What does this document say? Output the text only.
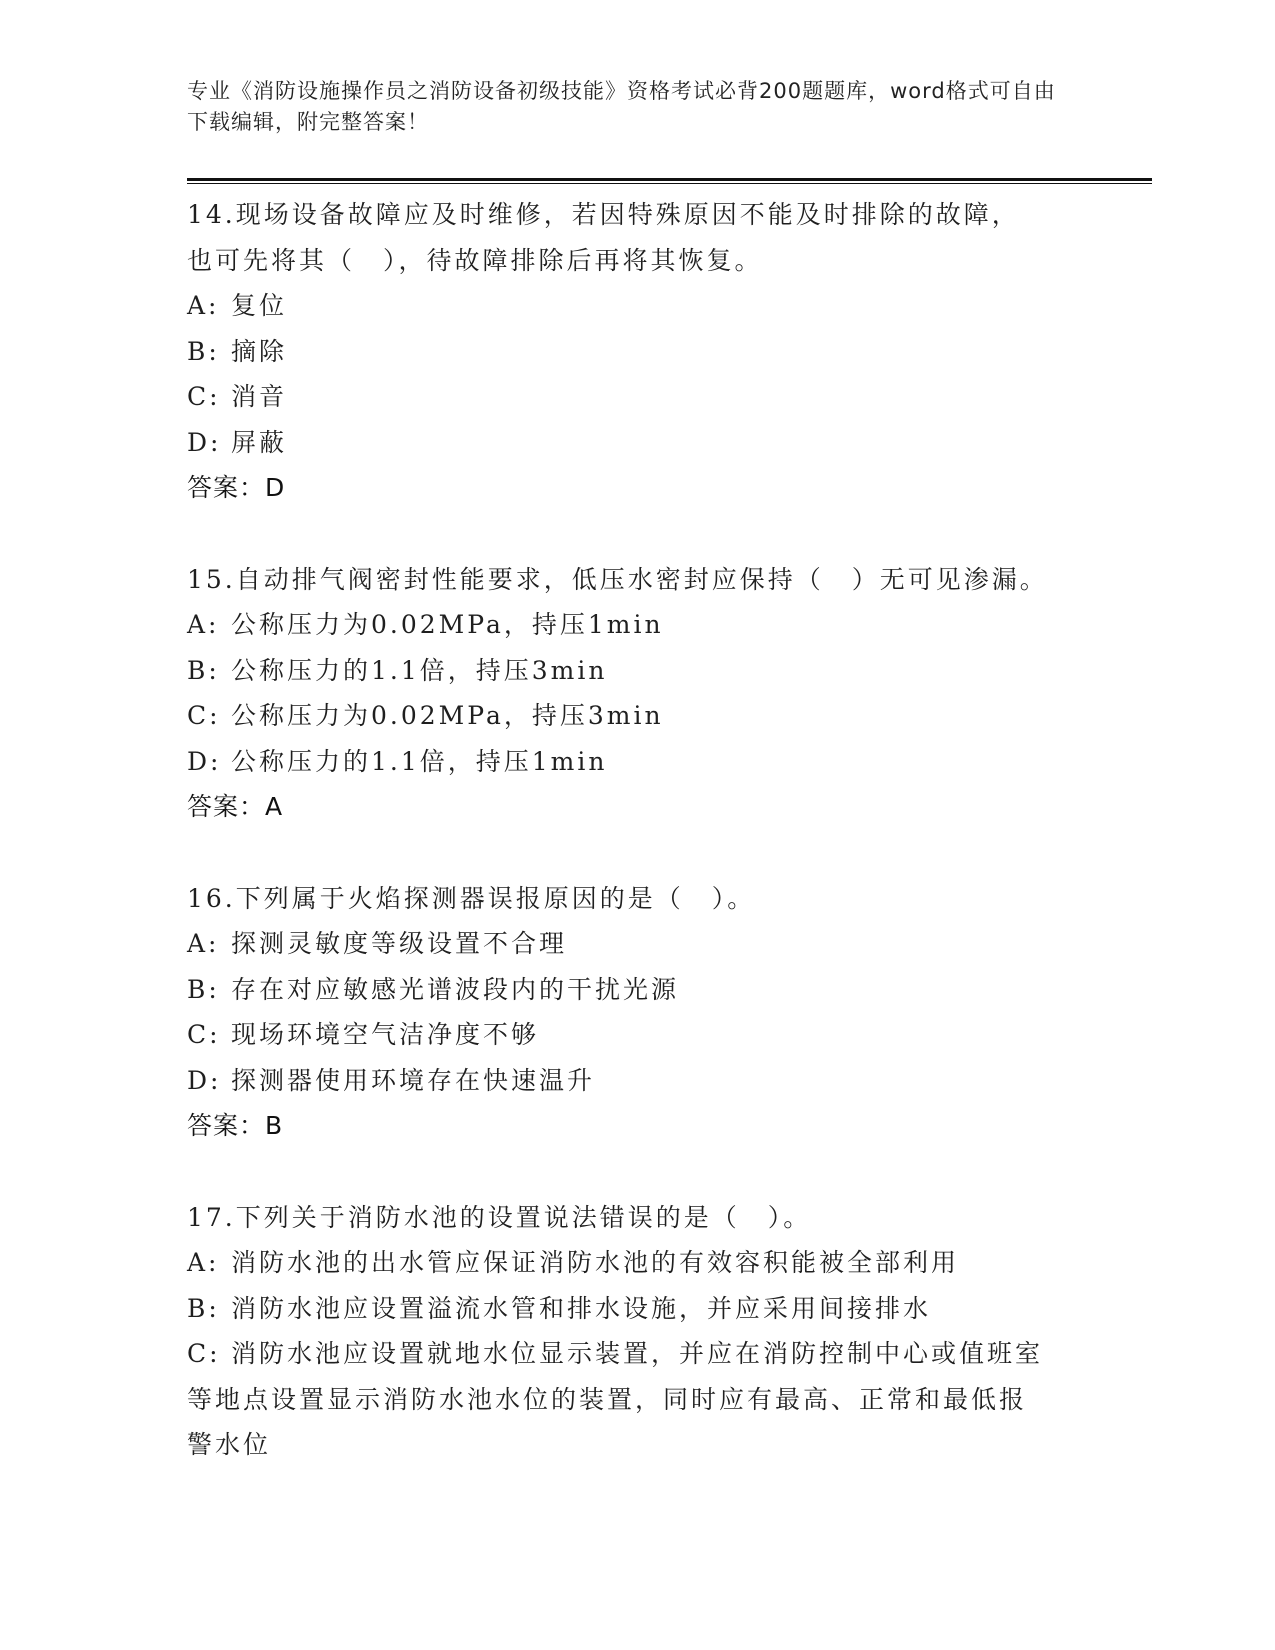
专业《消防设施操作员之消防设备初级技能》资格考试必背200题题库，word格式可自由下载编辑，附完整答案！
14.现场设备故障应及时维修，若因特殊原因不能及时排除的故障，也可先将其（　），待故障排除后再将其恢复。
A: 复位
B: 摘除
C: 消音
D: 屏蔽
答案：D
15.自动排气阀密封性能要求，低压水密封应保持（　）无可见渗漏。
A: 公称压力为0.02MPa，持压1min
B: 公称压力的1.1倍，持压3min
C: 公称压力为0.02MPa，持压3min
D: 公称压力的1.1倍，持压1min
答案：A
16.下列属于火焰探测器误报原因的是（　）。
A: 探测灵敏度等级设置不合理
B: 存在对应敏感光谱波段内的干扰光源
C: 现场环境空气洁净度不够
D: 探测器使用环境存在快速温升
答案：B
17.下列关于消防水池的设置说法错误的是（　）。
A: 消防水池的出水管应保证消防水池的有效容积能被全部利用
B: 消防水池应设置溢流水管和排水设施，并应采用间接排水
C: 消防水池应设置就地水位显示装置，并应在消防控制中心或值班室等地点设置显示消防水池水位的装置，同时应有最高、正常和最低报警水位
